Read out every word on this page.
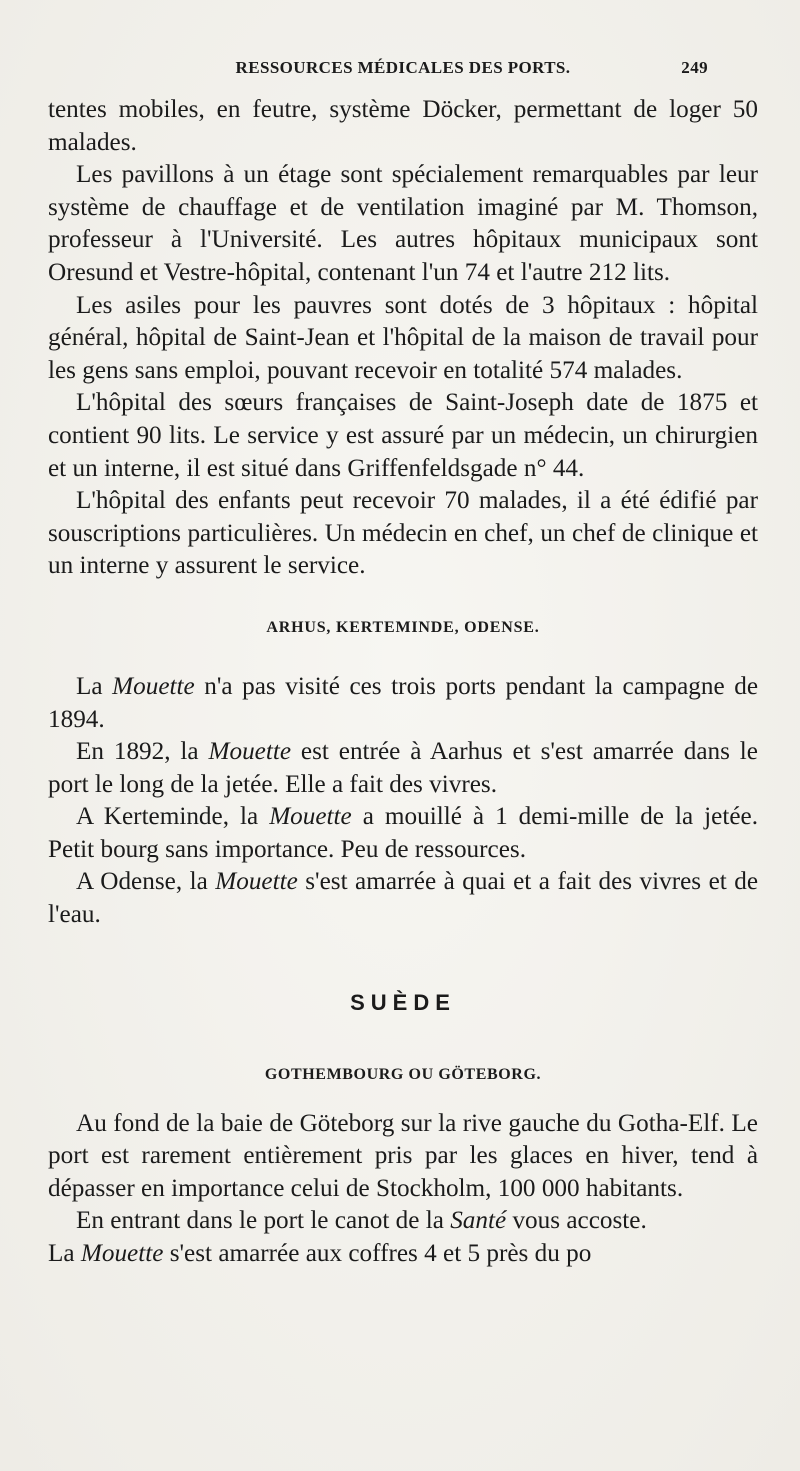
RESSOURCES MÉDICALES DES PORTS.	249

tentes mobiles, en feutre, système Döcker, permettant de loger 50 malades.

Les pavillons à un étage sont spécialement remarquables par leur système de chauffage et de ventilation imaginé par M. Thomson, professeur à l'Université. Les autres hôpitaux municipaux sont Oresund et Vestre-hôpital, contenant l'un 74 et l'autre 212 lits.

Les asiles pour les pauvres sont dotés de 3 hôpitaux : hôpital général, hôpital de Saint-Jean et l'hôpital de la maison de travail pour les gens sans emploi, pouvant recevoir en totalité 574 malades.

L'hôpital des sœurs françaises de Saint-Joseph date de 1875 et contient 90 lits. Le service y est assuré par un médecin, un chirurgien et un interne, il est situé dans Griffenfeldsgade n° 44.

L'hôpital des enfants peut recevoir 70 malades, il a été édifié par souscriptions particulières. Un médecin en chef, un chef de clinique et un interne y assurent le service.

ARHUS, KERTEMINDE, ODENSE.

La Mouette n'a pas visité ces trois ports pendant la campagne de 1894.

En 1892, la Mouette est entrée à Aarhus et s'est amarrée dans le port le long de la jetée. Elle a fait des vivres.

A Kerteminde, la Mouette a mouillé à 1 demi-mille de la jetée. Petit bourg sans importance. Peu de ressources.

A Odense, la Mouette s'est amarrée à quai et a fait des vivres et de l'eau.

SUÈDE
GOTHEMBOURG OU GÖTEBORG.

Au fond de la baie de Göteborg sur la rive gauche du Gotha-Elf. Le port est rarement entièrement pris par les glaces en hiver, tend à dépasser en importance celui de Stockholm, 100 000 habitants.

En entrant dans le port le canot de la Santé vous accoste.

La Mouette s'est amarrée aux coffres 4 et 5 près du po
